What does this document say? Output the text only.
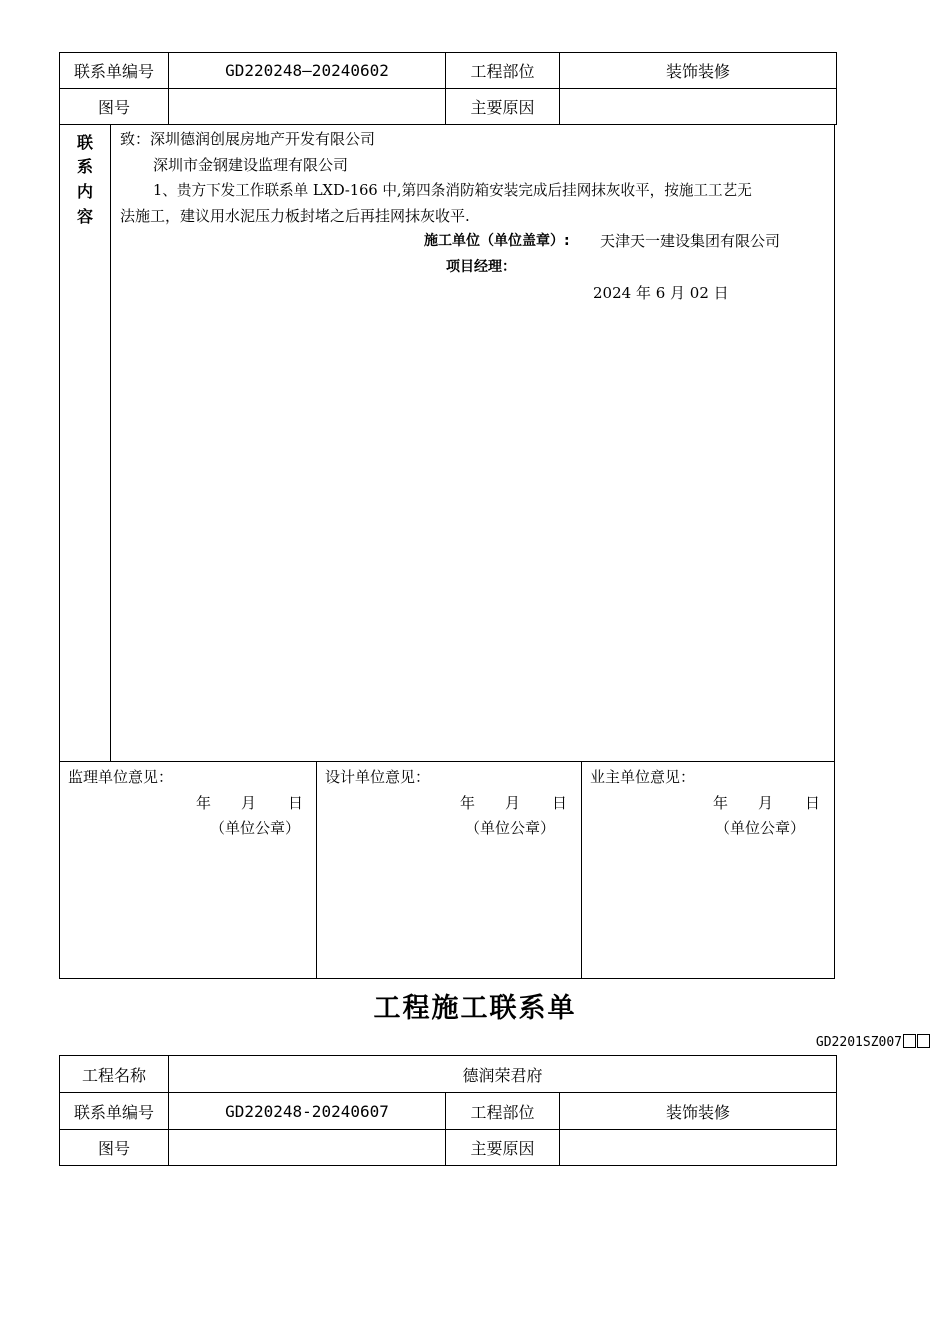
联系单编号	GD220248—20240602	工程部位	装饰装修
图号		主要原因	
联
系
内
容
致：深圳德润创展房地产开发有限公司
深圳市金钢建设监理有限公司
1、贵方下发工作联系单 LXD-166 中,第四条消防箱安装完成后挂网抹灰收平，按施工工艺无
法施工，建议用水泥压力板封堵之后再挂网抹灰收平.
施工单位（单位盖章）: 天津天一建设集团有限公司
项目经理：
2024 年 6 月 02 日
监理单位意见：
年 月 日
（单位公章）
设计单位意见：
年 月 日
（单位公章）
业主单位意见：
年 月 日
（单位公章）
工程施工联系单
GD2201SZ007
工程名称	德润荣君府		
联系单编号	GD220248-20240607	工程部位	装饰装修
图号		主要原因	
